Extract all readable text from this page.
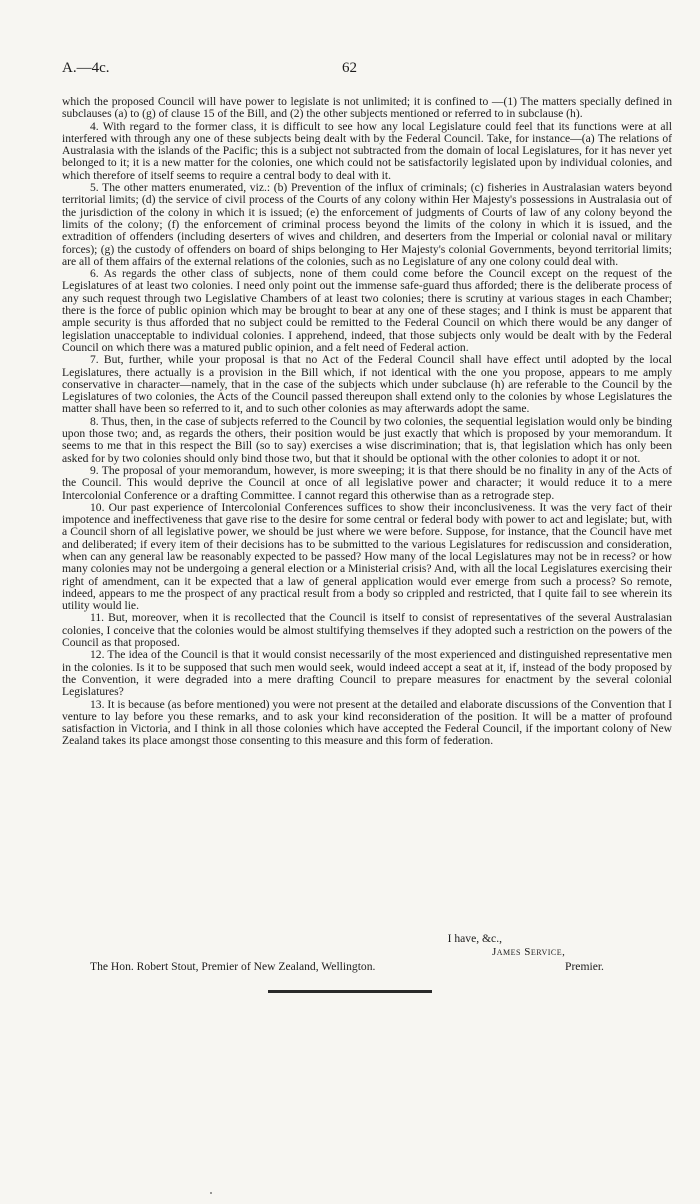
A.—4c.	62

which the proposed Council will have power to legislate is not unlimited; it is confined to —(1) The matters specially defined in subclauses (a) to (g) of clause 15 of the Bill, and (2) the other subjects mentioned or referred to in subclause (h).

4. With regard to the former class, it is difficult to see how any local Legislature could feel that its functions were at all interfered with through any one of these subjects being dealt with by the Federal Council. Take, for instance—(a) The relations of Australasia with the islands of the Pacific; this is a subject not subtracted from the domain of local Legislatures, for it has never yet belonged to it; it is a new matter for the colonies, one which could not be satisfactorily legislated upon by individual colonies, and which therefore of itself seems to require a central body to deal with it.

5. The other matters enumerated, viz.: (b) Prevention of the influx of criminals; (c) fisheries in Australasian waters beyond territorial limits; (d) the service of civil process of the Courts of any colony within Her Majesty's possessions in Australasia out of the jurisdiction of the colony in which it is issued; (e) the enforcement of judgments of Courts of law of any colony beyond the limits of the colony; (f) the enforcement of criminal process beyond the limits of the colony in which it is issued, and the extradition of offenders (including deserters of wives and children, and deserters from the Imperial or colonial naval or military forces); (g) the custody of offenders on board of ships belonging to Her Majesty's colonial Governments, beyond territorial limits; are all of them affairs of the external relations of the colonies, such as no Legislature of any one colony could deal with.

6. As regards the other class of subjects, none of them could come before the Council except on the request of the Legislatures of at least two colonies. I need only point out the immense safe-guard thus afforded; there is the deliberate process of any such request through two Legislative Chambers of at least two colonies; there is scrutiny at various stages in each Chamber; there is the force of public opinion which may be brought to bear at any one of these stages; and I think is must be apparent that ample security is thus afforded that no subject could be remitted to the Federal Council on which there would be any danger of legislation unacceptable to individual colonies. I apprehend, indeed, that those subjects only would be dealt with by the Federal Council on which there was a matured public opinion, and a felt need of Federal action.

7. But, further, while your proposal is that no Act of the Federal Council shall have effect until adopted by the local Legislatures, there actually is a provision in the Bill which, if not identical with the one you propose, appears to me amply conservative in character—namely, that in the case of the subjects which under subclause (h) are referable to the Council by the Legislatures of two colonies, the Acts of the Council passed thereupon shall extend only to the colonies by whose Legislatures the matter shall have been so referred to it, and to such other colonies as may afterwards adopt the same.

8. Thus, then, in the case of subjects referred to the Council by two colonies, the sequential legislation would only be binding upon those two; and, as regards the others, their position would be just exactly that which is proposed by your memorandum. It seems to me that in this respect the Bill (so to say) exercises a wise discrimination; that is, that legislation which has only been asked for by two colonies should only bind those two, but that it should be optional with the other colonies to adopt it or not.

9. The proposal of your memorandum, however, is more sweeping; it is that there should be no finality in any of the Acts of the Council. This would deprive the Council at once of all legislative power and character; it would reduce it to a mere Intercolonial Conference or a drafting Committee. I cannot regard this otherwise than as a retrograde step.

10. Our past experience of Intercolonial Conferences suffices to show their inconclusiveness. It was the very fact of their impotence and ineffectiveness that gave rise to the desire for some central or federal body with power to act and legislate; but, with a Council shorn of all legislative power, we should be just where we were before. Suppose, for instance, that the Council have met and deliberated; if every item of their decisions has to be submitted to the various Legislatures for rediscussion and consideration, when can any general law be reasonably expected to be passed? How many of the local Legislatures may not be in recess? or how many colonies may not be undergoing a general election or a Ministerial crisis? And, with all the local Legislatures exercising their right of amendment, can it be expected that a law of general application would ever emerge from such a process? So remote, indeed, appears to me the prospect of any practical result from a body so crippled and restricted, that I quite fail to see wherein its utility would lie.

11. But, moreover, when it is recollected that the Council is itself to consist of representatives of the several Australasian colonies, I conceive that the colonies would be almost stultifying themselves if they adopted such a restriction on the powers of the Council as that proposed.

12. The idea of the Council is that it would consist necessarily of the most experienced and distinguished representative men in the colonies. Is it to be supposed that such men would seek, would indeed accept a seat at it, if, instead of the body proposed by the Convention, it were degraded into a mere drafting Council to prepare measures for enactment by the several colonial Legislatures?

13. It is because (as before mentioned) you were not present at the detailed and elaborate discussions of the Convention that I venture to lay before you these remarks, and to ask your kind reconsideration of the position. It will be a matter of profound satisfaction in Victoria, and I think in all those colonies which have accepted the Federal Council, if the important colony of New Zealand takes its place amongst those consenting to this measure and this form of federation.

I have, &c.,
James Service,
The Hon. Robert Stout, Premier of New Zealand, Wellington.	Premier.
